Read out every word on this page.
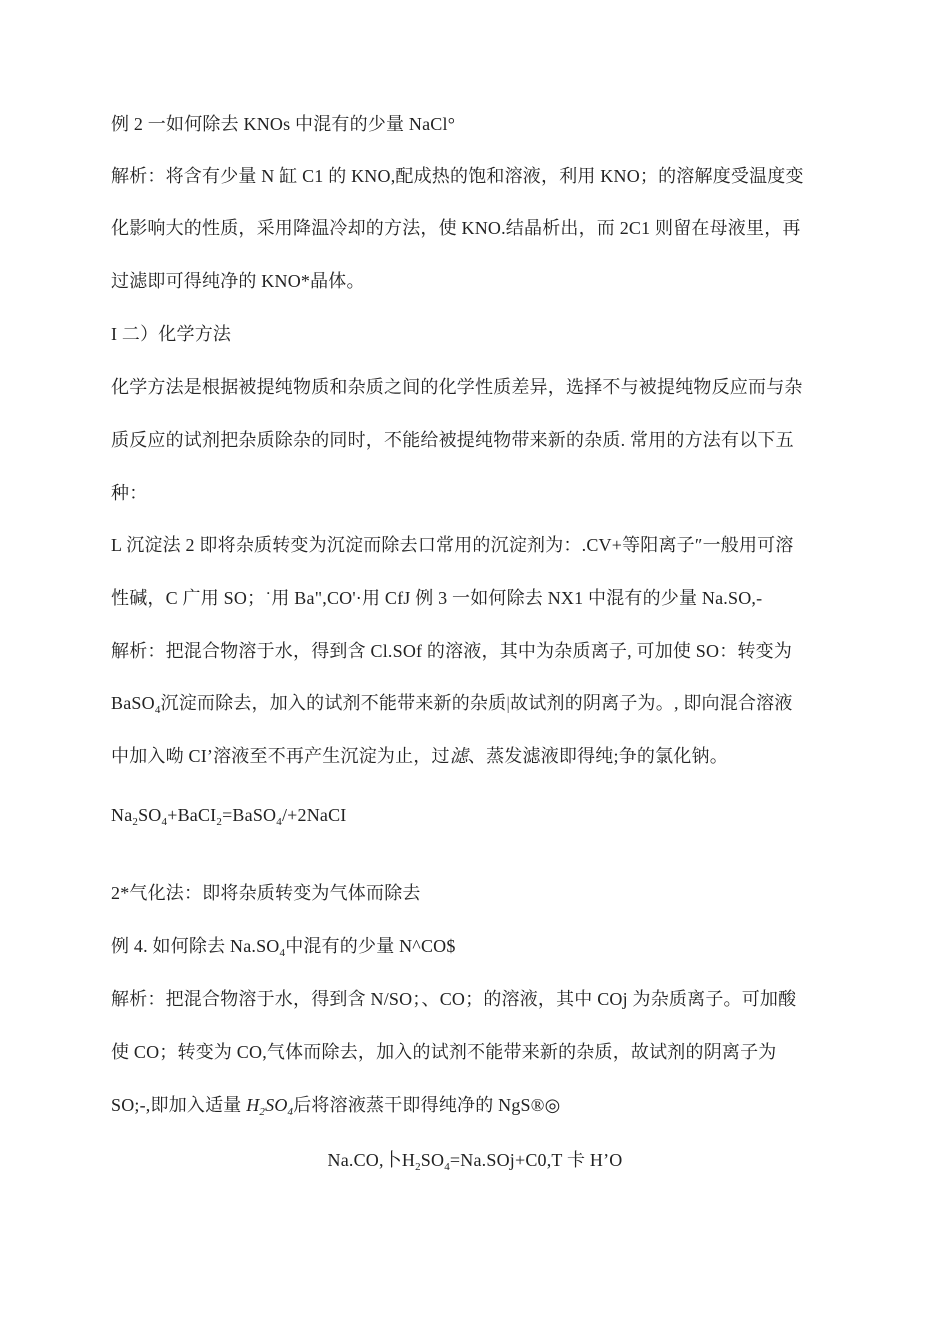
例 2 一如何除去 KNOs 中混有的少量 NaCl°
解析：将含有少量 N 缸 C1 的 KNO,配成热的饱和溶液，利用 KNO；的溶解度受温度变
化影响大的性质，采用降温冷却的方法，使 KNO.结晶析出，而 2C1 则留在母液里，再
过滤即可得纯净的 KNO*晶体。
I 二）化学方法
化学方法是根据被提纯物质和杂质之间的化学性质差异，选择不与被提纯物反应而与杂
质反应的试剂把杂质除杂的同时，不能给被提纯物带来新的杂质. 常用的方法有以下五
种：
L 沉淀法 2 即将杂质转变为沉淀而除去口常用的沉淀剂为：.CV+等阳离子″一般用可溶
性碱，C 广用 SO；˙用 Ba",CO'·用 CfJ 例 3 一如何除去 NX1 中混有的少量 Na.SO,-
解析：把混合物溶于水，得到含 Cl.SOf 的溶液，其中为杂质离子, 可加使 SO：转变为
BaSO$_4$沉淀而除去，加入的试剂不能带来新的杂质|故试剂的阴离子为。, 即向混合溶液
中加入呦 CI’溶液至不再产生沉淀为止，过滤、蒸发滤液即得纯;争的氯化钠。
$Na_2SO_4+BaCI_2=BaSO_4/+2NaCI$
2*气化法：即将杂质转变为气体而除去
例 4. 如何除去 $Na.SO_4$中混有的少量 N^CO$
解析：把混合物溶于水，得到含 N/SO；、CO；的溶液，其中 COj 为杂质离子。可加酸
使 CO；转变为 CO,气体而除去，加入的试剂不能带来新的杂质，故试剂的阴离子为
SO;-,即加入适量 $H_2SO_4$后将溶液蒸干即得纯净的 NgS®◎
Na.CO,卜$H_2SO_4=Na.SOj+C0,T$ 卡 H’O
